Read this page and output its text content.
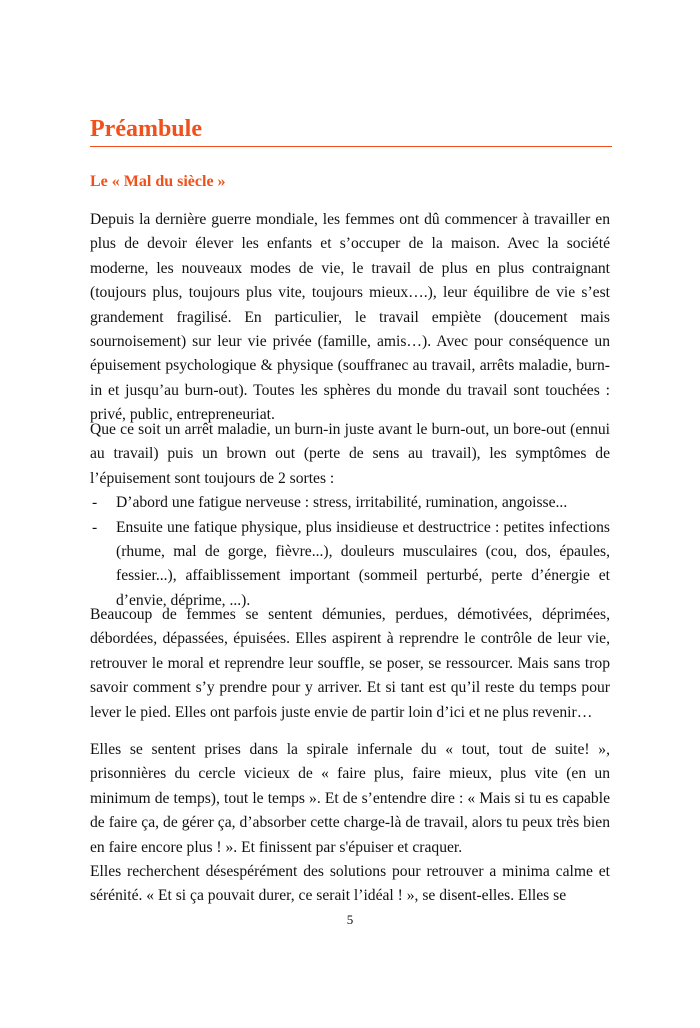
Préambule
Le « Mal du siècle »

Depuis la dernière guerre mondiale, les femmes ont dû commencer à travailler en plus de devoir élever les enfants et s’occuper de la maison. Avec la société moderne, les nouveaux modes de vie, le travail de plus en plus contraignant (toujours plus, toujours plus vite, toujours mieux….), leur équilibre de vie s’est grandement fragilisé. En particulier, le travail empiète (doucement mais sournoisement) sur leur vie privée (famille, amis…). Avec pour conséquence un épuisement psychologique & physique (souffranec au travail, arrêts maladie, burn-in et jusqu’au burn-out). Toutes les sphères du monde du travail sont touchées : privé, public, entrepreneuriat.

Que ce soit un arrêt maladie, un burn-in juste avant le burn-out, un bore-out (ennui au travail) puis un brown out (perte de sens au travail), les symptômes de l’épuisement sont toujours de 2 sortes :
- D’abord une fatigue nerveuse : stress, irritabilité, rumination, angoisse...
- Ensuite une fatique physique, plus insidieuse et destructrice : petites infections (rhume, mal de gorge, fièvre...), douleurs musculaires (cou, dos, épaules, fessier...), affaiblissement important (sommeil perturbé, perte d’énergie et d’envie, déprime, ...).

Beaucoup de femmes se sentent démunies, perdues, démotivées, déprimées, débordées, dépassées, épuisées. Elles aspirent à reprendre le contrôle de leur vie, retrouver le moral et reprendre leur souffle, se poser, se ressourcer. Mais sans trop savoir comment s’y prendre pour y arriver. Et si tant est qu’il reste du temps pour lever le pied. Elles ont parfois juste envie de partir loin d’ici et ne plus revenir…

Elles se sentent prises dans la spirale infernale du « tout, tout de suite! », prisonnières du cercle vicieux de « faire plus, faire mieux, plus vite (en un minimum de temps), tout le temps ». Et de s’entendre dire : « Mais si tu es capable de faire ça, de gérer ça, d’absorber cette charge-là de travail, alors tu peux très bien en faire encore plus ! ». Et finissent par s'épuiser et craquer.

Elles recherchent désespérément des solutions pour retrouver a minima calme et sérénité. « Et si ça pouvait durer, ce serait l’idéal ! », se disent-elles. Elles se

5
